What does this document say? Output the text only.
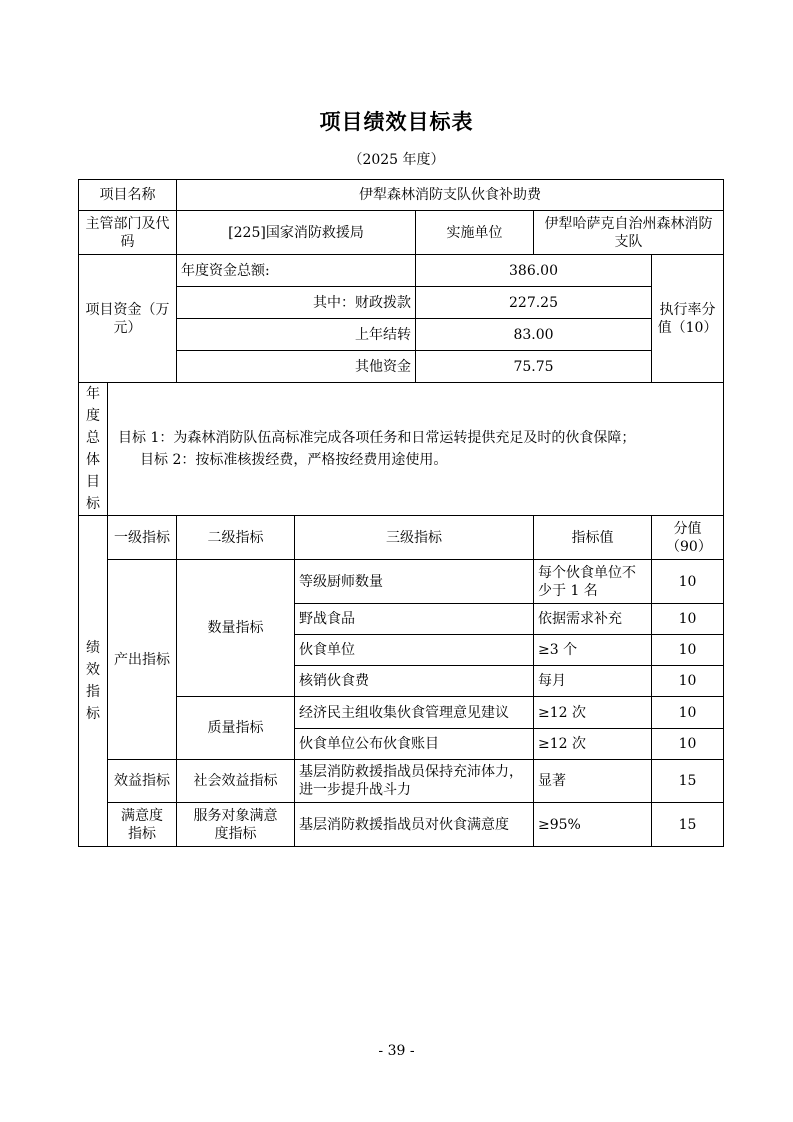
项目绩效目标表
（2025 年度）
项目名称		伊犁森林消防支队伙食补助费				
主管部门及代码		[225]国家消防救援局		实施单位	伊犁哈萨克自治州森林消防支队	
项目资金（万元）		年度资金总额:		386.00		执行率分值（10）
		其中：财政拨款		227.25		
		上年结转		83.00		
		其他资金		75.75		
年度总体目标	目标 1：为森林消防队伍高标准完成各项任务和日常运转提供充足及时的伙食保障；
目标 2：按标准核拨经费，严格按经费用途使用。					

绩效指标	一级指标	二级指标	三级指标		指标值	分值（90）
	产出指标	数量指标	等级厨师数量		每个伙食单位不少于 1 名	10
			野战食品		依据需求补充	10
			伙食单位		≥3 个	10
			核销伙食费		每月	10
		质量指标	经济民主组收集伙食管理意见建议		≥12 次	10
			伙食单位公布伙食账目		≥12 次	10
	效益指标	社会效益指标	基层消防救援指战员保持充沛体力，进一步提升战斗力		显著	15
	满意度指标	服务对象满意度指标	基层消防救援指战员对伙食满意度		≥95%	15
- 39 -
